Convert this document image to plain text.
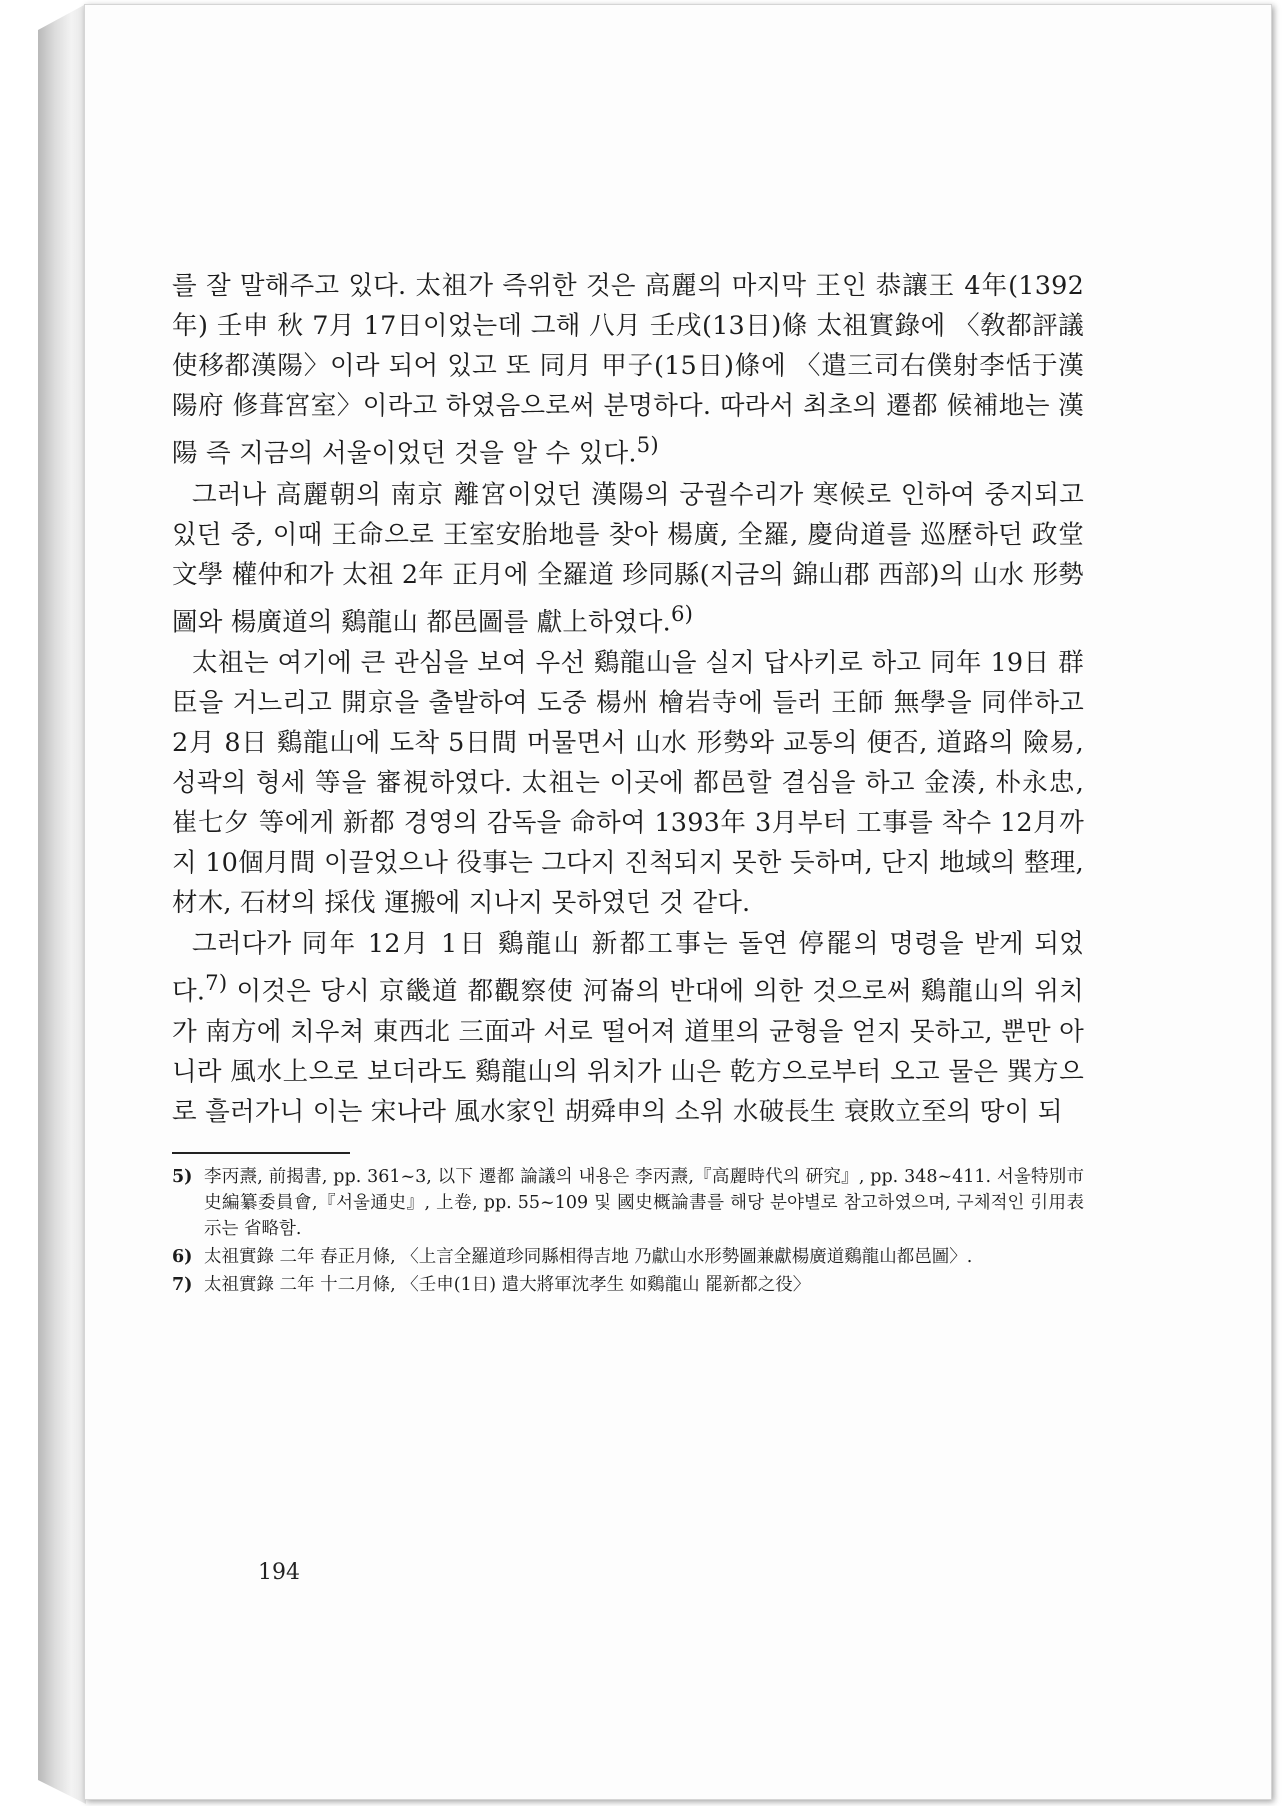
를 잘 말해주고 있다. 太祖가 즉위한 것은 高麗의 마지막 王인 恭讓王 4年(1392年) 壬申 秋 7月 17日이었는데 그해 八月 壬戌(13日)條 太祖實錄에 〈敎都評議使移都漢陽〉이라 되어 있고 또 同月 甲子(15日)條에 〈遣三司右僕射李恬于漢陽府 修葺宮室〉이라고 하였음으로써 분명하다. 따라서 최초의 遷都 候補地는 漢陽 즉 지금의 서울이었던 것을 알 수 있다.$^{5)}$

그러나 高麗朝의 南京 離宮이었던 漢陽의 궁궐수리가 寒候로 인하여 중지되고 있던 중, 이때 王命으로 王室安胎地를 찾아 楊廣, 全羅, 慶尙道를 巡歷하던 政堂文學 權仲和가 太祖 2年 正月에 全羅道 珍同縣(지금의 錦山郡 西部)의 山水 形勢圖와 楊廣道의 鷄龍山 都邑圖를 獻上하였다.$^{6)}$

太祖는 여기에 큰 관심을 보여 우선 鷄龍山을 실지 답사키로 하고 同年 19日 群臣을 거느리고 開京을 출발하여 도중 楊州 檜岩寺에 들러 王師 無學을 同伴하고 2月 8日 鷄龍山에 도착 5日間 머물면서 山水 形勢와 교통의 便否, 道路의 險易, 성곽의 형세 等을 審視하였다. 太祖는 이곳에 都邑할 결심을 하고 金湊, 朴永忠, 崔七夕 等에게 新都 경영의 감독을 命하여 1393年 3月부터 工事를 착수 12月까지 10個月間 이끌었으나 役事는 그다지 진척되지 못한 듯하며, 단지 地域의 整理, 材木, 石材의 採伐 運搬에 지나지 못하였던 것 같다.

그러다가 同年 12月 1日 鷄龍山 新都工事는 돌연 停罷의 명령을 받게 되었다.$^{7)}$ 이것은 당시 京畿道 都觀察使 河崙의 반대에 의한 것으로써 鷄龍山의 위치가 南方에 치우쳐 東西北 三面과 서로 떨어져 道里의 균형을 얻지 못하고, 뿐만 아니라 風水上으로 보더라도 鷄龍山의 위치가 山은 乾方으로부터 오고 물은 巽方으로 흘러가니 이는 宋나라 風水家인 胡舜申의 소위 水破長生 衰敗立至의 땅이 되

5) 李丙燾, 前揭書, pp. 361~3, 以下 遷都 論議의 내용은 李丙燾,『高麗時代의 硏究』, pp. 348~411. 서울特別市史編纂委員會,『서울通史』, 上卷, pp. 55~109 및 國史概論書를 해당 분야별로 참고하였으며, 구체적인 引用表示는 省略함.
6) 太祖實錄 二年 春正月條, 〈上言全羅道珍同縣相得吉地 乃獻山水形勢圖兼獻楊廣道鷄龍山都邑圖〉.
7) 太祖實錄 二年 十二月條, 〈壬申(1日) 遣大將軍沈孝生 如鷄龍山 罷新都之役〉
194
